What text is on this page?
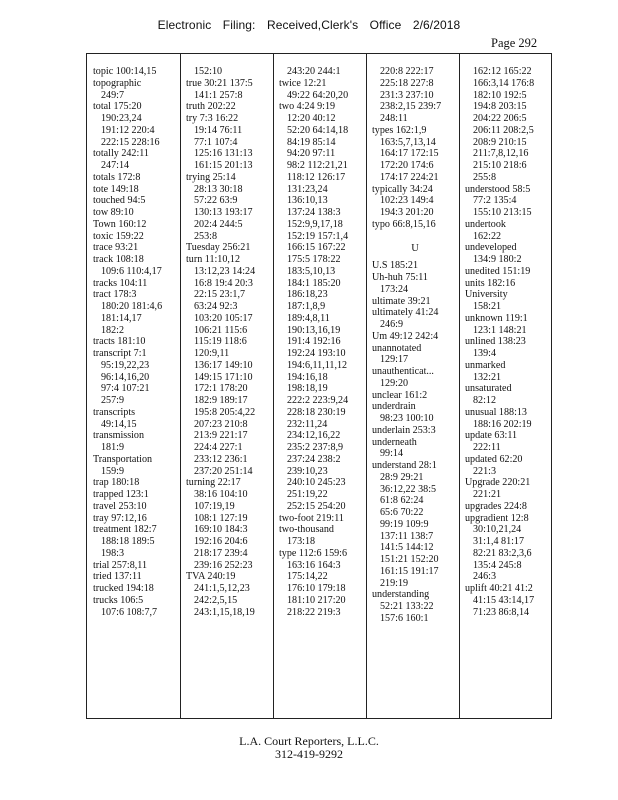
Electronic Filing: Received,Clerk's Office 2/6/2018
Page 292
topic 100:14,15
topographic
249:7
total 175:20
190:23,24
191:12 220:4
222:15 228:16
totally 242:11
247:14
totals 172:8
tote 149:18
touched 94:5
tow 89:10
Town 160:12
toxic 159:22
trace 93:21
track 108:18
109:6 110:4,17
tracks 104:11
tract 178:3
180:20 181:4,6
181:14,17
182:2
tracts 181:10
transcript 7:1
95:19,22,23
96:14,16,20
97:4 107:21
257:9
transcripts
49:14,15
transmission
181:9
Transportation
159:9
trap 180:18
trapped 123:1
travel 253:10
tray 97:12,16
treatment 182:7
188:18 189:5
198:3
trial 257:8,11
tried 137:11
trucked 194:18
trucks 106:5
107:6 108:7,7
152:10
true 30:21 137:5
141:1 257:8
truth 202:22
try 7:3 16:22
19:14 76:11
77:1 107:4
125:16 131:13
161:15 201:13
trying 25:14
28:13 30:18
57:22 63:9
130:13 193:17
202:4 244:5
253:8
Tuesday 256:21
turn 11:10,12
13:12,23 14:24
16:8 19:4 20:3
22:15 23:1,7
63:24 92:3
103:20 105:17
106:21 115:6
115:19 118:6
120:9,11
136:17 149:10
149:15 171:10
172:1 178:20
182:9 189:17
195:8 205:4,22
207:23 210:8
213:9 221:17
224:4 227:1
233:12 236:1
237:20 251:14
turning 22:17
38:16 104:10
107:19,19
108:1 127:19
169:10 184:3
192:16 204:6
218:17 239:4
239:16 252:23
TVA 240:19
241:1,5,12,23
242:2,5,15
243:1,15,18,19
243:20 244:1
twice 12:21
49:22 64:20,20
two 4:24 9:19
12:20 40:12
52:20 64:14,18
84:19 85:14
94:20 97:11
98:2 112:21,21
118:12 126:17
131:23,24
136:10,13
137:24 138:3
152:9,9,17,18
152:19 157:1,4
166:15 167:22
175:5 178:22
183:5,10,13
184:1 185:20
186:18,23
187:1,8,9
189:4,8,11
190:13,16,19
191:4 192:16
192:24 193:10
194:6,11,11,12
194:16,18
198:18,19
222:2 223:9,24
228:18 230:19
232:11,24
234:12,16,22
235:2 237:8,9
237:24 238:2
239:10,23
240:10 245:23
251:19,22
252:15 254:20
two-foot 219:11
two-thousand
173:18
type 112:6 159:6
163:16 164:3
175:14,22
176:10 179:18
181:10 217:20
218:22 219:3
220:8 222:17
225:18 227:8
231:3 237:10
238:2,15 239:7
248:11
types 162:1,9
163:5,7,13,14
164:17 172:15
172:20 174:6
174:17 224:21
typically 34:24
102:23 149:4
194:3 201:20
typo 66:8,15,16
U
U.S 185:21
Uh-huh 75:11
173:24
ultimate 39:21
ultimately 41:24
246:9
Um 49:12 242:4
unannotated
129:17
unauthenticat...
129:20
unclear 161:2
underdrain
98:23 100:10
underlain 253:3
underneath
99:14
understand 28:1
28:9 29:21
36:12,22 38:5
61:8 62:24
65:6 70:22
99:19 109:9
137:11 138:7
141:5 144:12
151:21 152:20
161:15 191:17
219:19
understanding
52:21 133:22
157:6 160:1
162:12 165:22
166:3,14 176:8
182:10 192:5
194:8 203:15
204:22 206:5
206:11 208:2,5
208:9 210:15
211:7,8,12,16
215:10 218:6
255:8
understood 58:5
77:2 135:4
155:10 213:15
undertook
162:22
undeveloped
134:9 180:2
unedited 151:19
units 182:16
University
158:21
unknown 119:1
123:1 148:21
unlined 138:23
139:4
unmarked
132:21
unsaturated
82:12
unusual 188:13
188:16 202:19
update 63:11
222:11
updated 62:20
221:3
Upgrade 220:21
221:21
upgrades 224:8
upgradient 12:8
30:10,21,24
31:1,4 81:17
82:21 83:2,3,6
135:4 245:8
246:3
uplift 40:21 41:2
41:15 43:14,17
71:23 86:8,14
L.A. Court Reporters, L.L.C.
312-419-9292
